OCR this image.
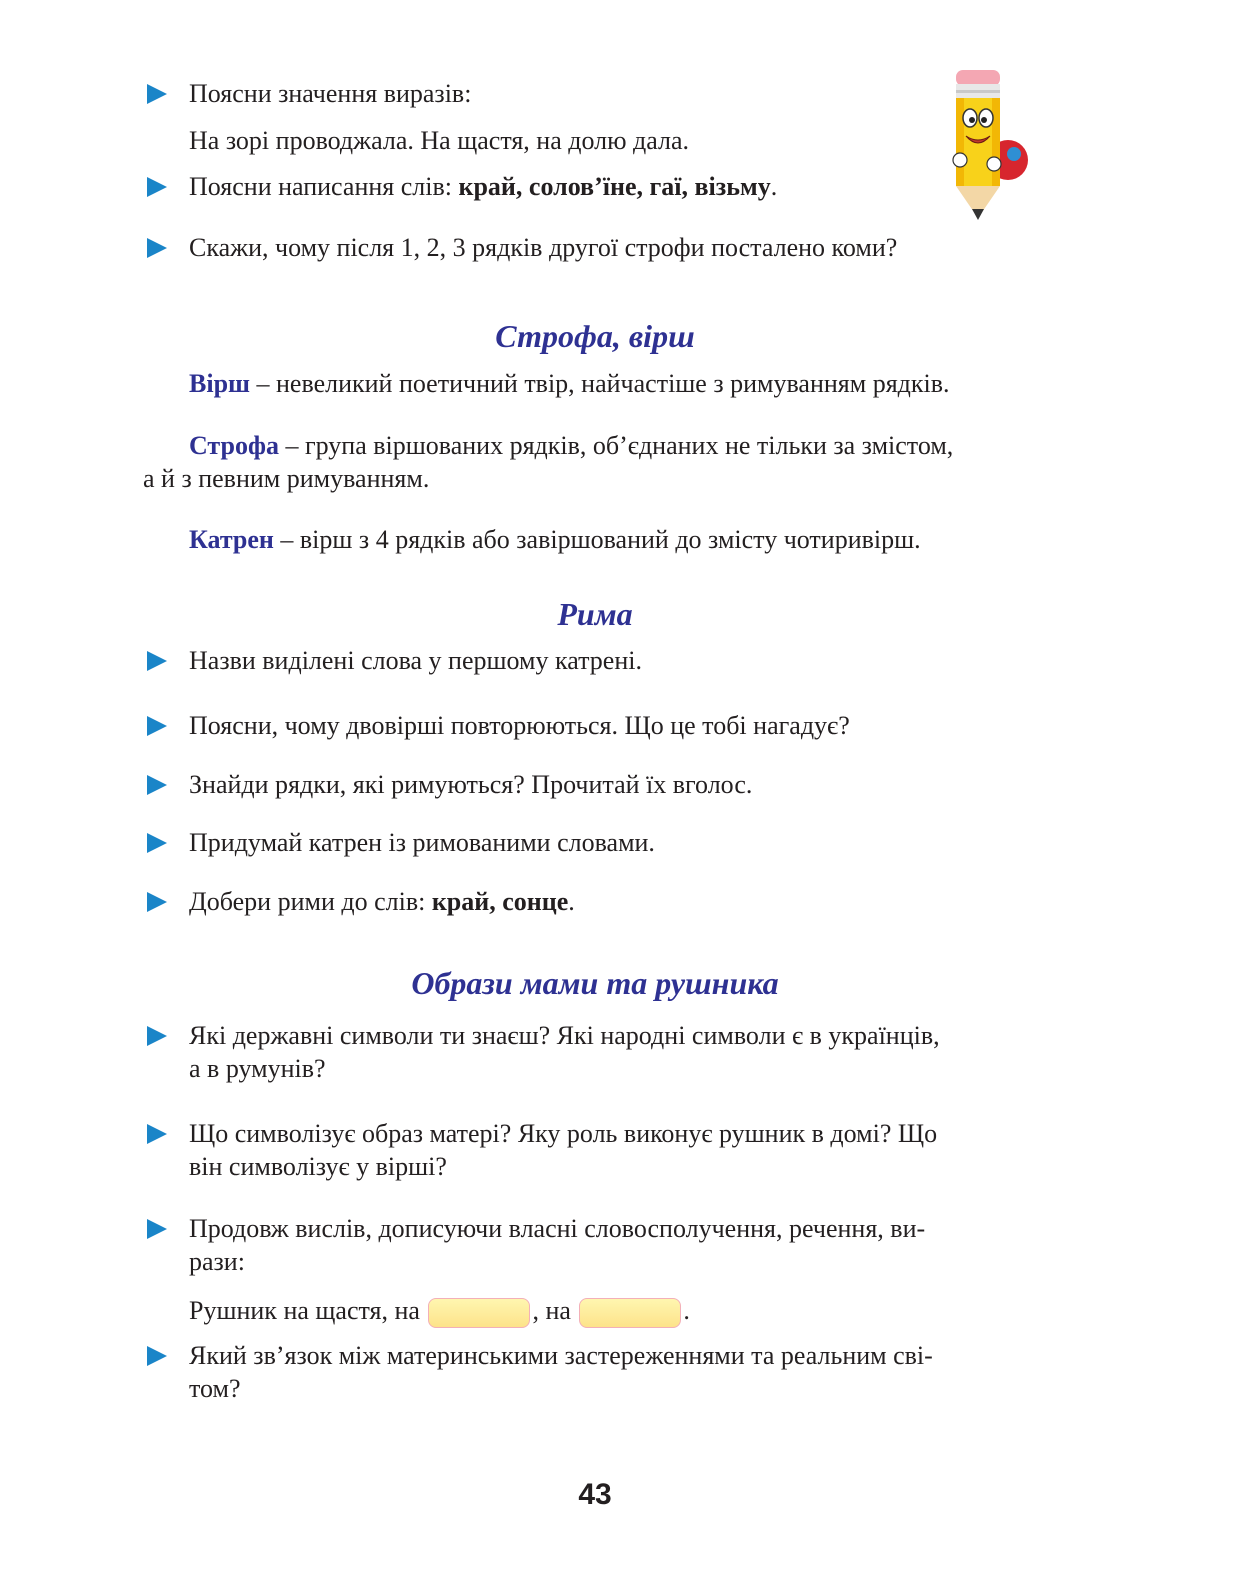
Поясни значення виразів:
На зорі проводжала. На щастя, на долю дала.
Поясни написання слів: край, солов’їне, гаї, візьму.
Скажи, чому після 1, 2, 3 рядків другої строфи посталено коми?
Строфа, вірш
Вірш – невеликий поетичний твір, найчастіше з римуванням рядків.
Строфа – група віршованих рядків, об’єднаних не тільки за змістом,
а й з певним римуванням.
Катрен – вірш з 4 рядків або завіршований до змісту чотиривірш.
Рима
Назви виділені слова у першому катрені.
Поясни, чому двовірші повторюються. Що це тобі нагадує?
Знайди рядки, які римуються? Прочитай їх вголос.
Придумай катрен із римованими словами.
Добери рими до слів: край, сонце.
Образи мами та рушника
Які державні символи ти знаєш? Які народні символи є в українців,
а в румунів?
Що символізує образ матері? Яку роль виконує рушник в домі? Що
він символізує у вірші?
Продовж вислів, дописуючи власні словосполучення, речення, ви-
рази:
Рушник на щастя, на	, на	.
Який зв’язок між материнськими застереженнями та реальним сві-
том?
43
